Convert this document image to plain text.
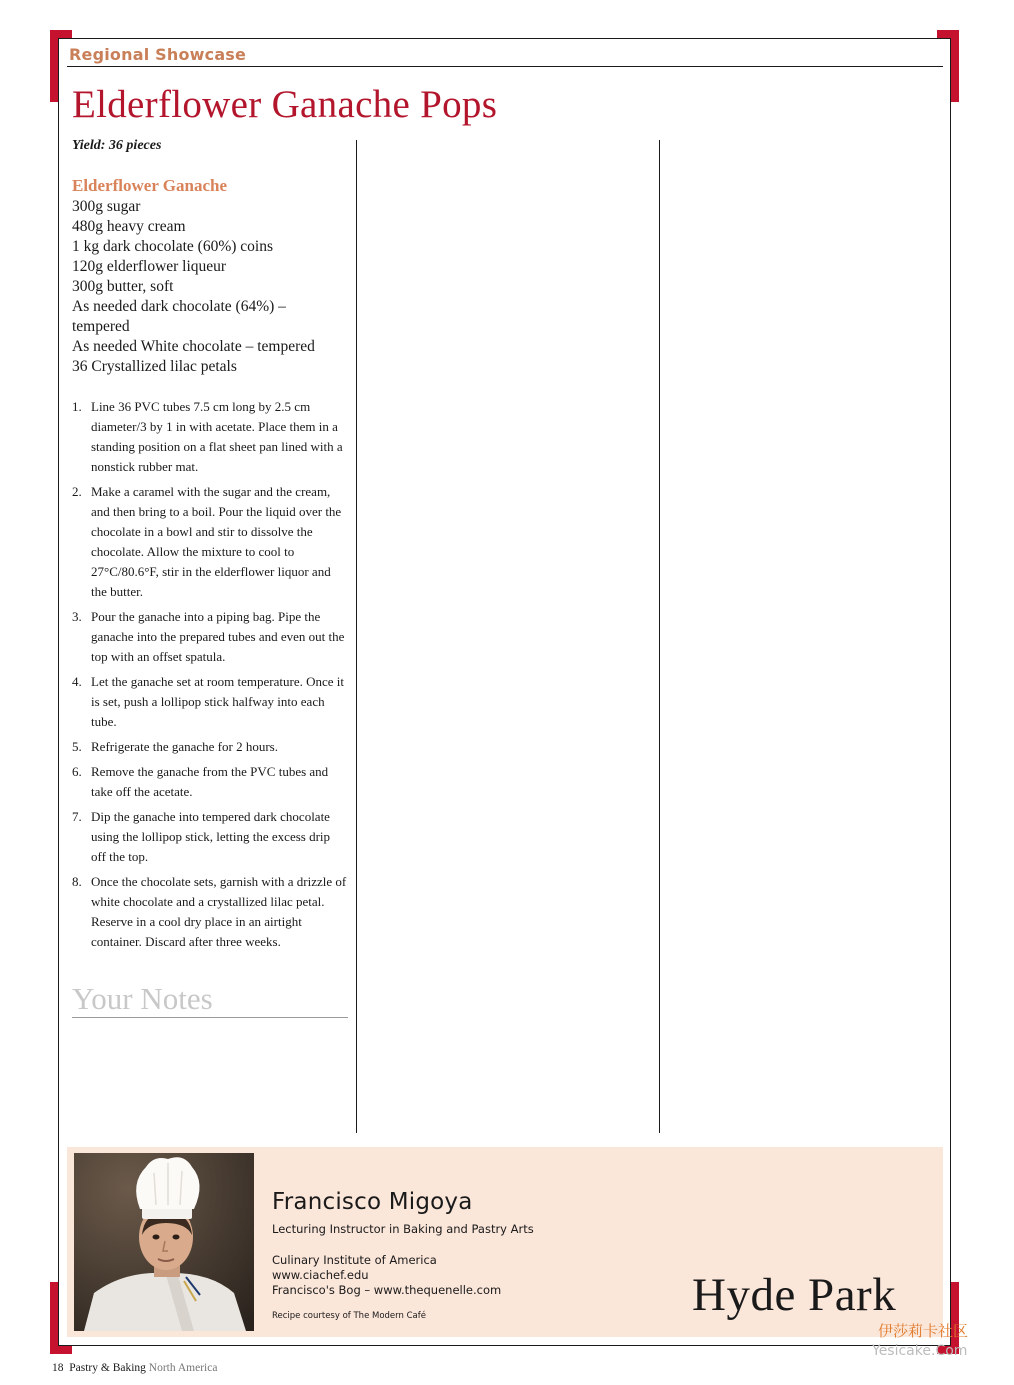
Regional Showcase
Elderflower Ganache Pops
Yield: 36 pieces
Elderflower Ganache
300g sugar
480g heavy cream
1 kg dark chocolate (60%) coins
120g elderflower liqueur
300g butter, soft
As needed dark chocolate (64%) –
tempered
As needed White chocolate – tempered
36 Crystallized lilac petals
1. Line 36 PVC tubes 7.5 cm long by 2.5 cm diameter/3 by 1 in with acetate. Place them in a standing position on a flat sheet pan lined with a nonstick rubber mat.
2. Make a caramel with the sugar and the cream, and then bring to a boil. Pour the liquid over the chocolate in a bowl and stir to dissolve the chocolate. Allow the mixture to cool to 27°C/80.6°F, stir in the elderflower liquor and the butter.
3. Pour the ganache into a piping bag. Pipe the ganache into the prepared tubes and even out the top with an offset spatula.
4. Let the ganache set at room temperature. Once it is set, push a lollipop stick halfway into each tube.
5. Refrigerate the ganache for 2 hours.
6. Remove the ganache from the PVC tubes and take off the acetate.
7. Dip the ganache into tempered dark chocolate using the lollipop stick, letting the excess drip off the top.
8. Once the chocolate sets, garnish with a drizzle of white chocolate and a crystallized lilac petal. Reserve in a cool dry place in an airtight container. Discard after three weeks.
Your Notes
Francisco Migoya
Lecturing Instructor in Baking and Pastry Arts
Culinary Institute of America
www.ciachef.edu
Francisco's Bog – www.thequenelle.com
Recipe courtesy of The Modern Café	Hyde Park
18 Pastry & Baking North America
伊莎莉卡社区
Yesicake.Com
